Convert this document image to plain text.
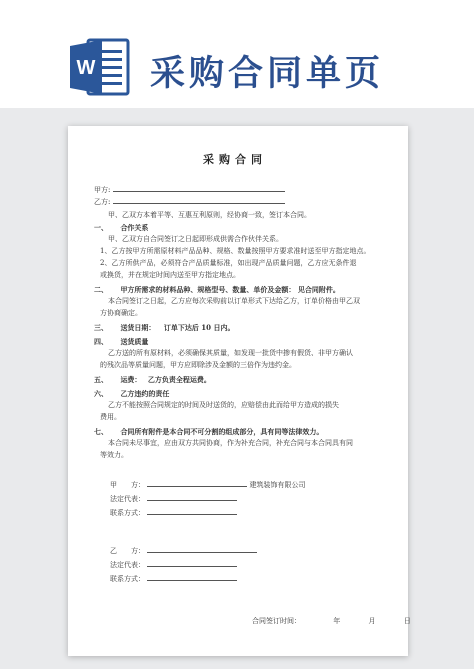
W 采购合同单页
采购合同
甲方:
乙方:
甲、乙双方本着平等、互惠互利原则，经协商一致，签订本合同。
一、 合作关系
甲、乙双方自合同签订之日起即形成供需合作伙伴关系。
1、乙方按甲方所需原材料产品品种、规格、数量按照甲方要求准时送至甲方指定地点。
2、乙方所供产品，必须符合产品质量标准，如出现产品质量问题，乙方应无条件退
或换货，并在规定时间内送至甲方指定地点。
二、 甲方所需求的材料品种、规格型号、数量、单价及金额： 见合同附件。
本合同签订之日起，乙方应每次采购前以订单形式下达给乙方，订单价格由甲乙双
方协商确定。
三、 送货日期： 订单下达后 10 日内。
四、 送货质量
乙方送的所有原材料，必须确保其质量，如发现一批货中掺有假货、非甲方确认
的残次品等质量问题，甲方应即除涉及金额的三倍作为违约金。
五、 运费： 乙方负责全程运费。
六、 乙方违约的责任
乙方不能按照合同规定的时间及时送货的，应赔偿由此而给甲方造成的损失
费用。
七、 合同所有附件是本合同不可分割的组成部分，具有同等法律效力。
本合同未尽事宜，应由双方共同协商，作为补充合同，补充合同与本合同具有同
等效力。
甲　　方：	建筑装饰有限公司
法定代表：
联系方式：
乙　　方：
法定代表：
联系方式：
合同签订时间：	年	月	日
